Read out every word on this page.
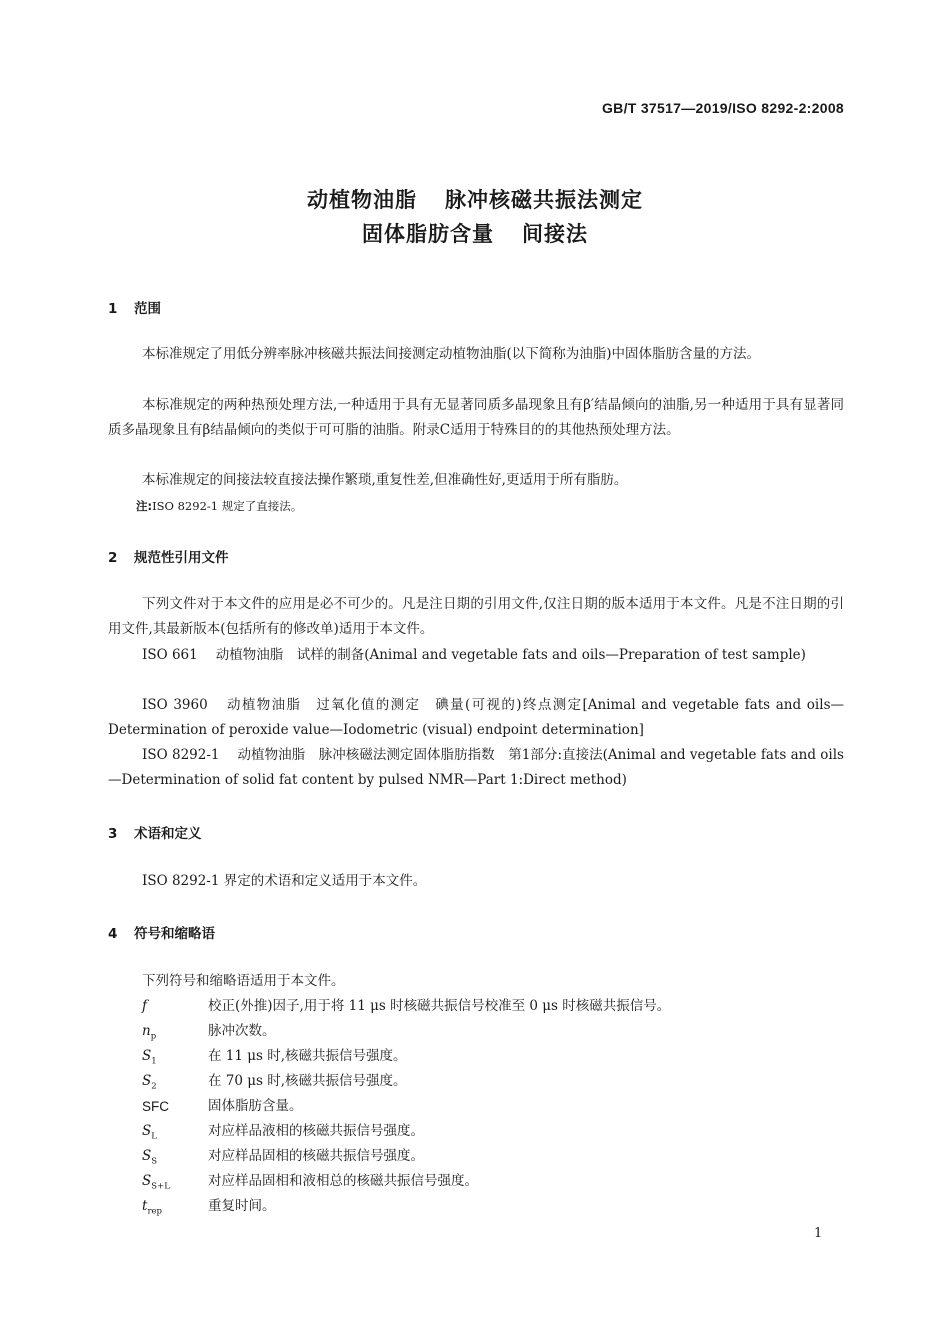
GB/T 37517—2019/ISO 8292-2:2008
动植物油脂 脉冲核磁共振法测定
固体脂肪含量 间接法
1 范围
本标准规定了用低分辨率脉冲核磁共振法间接测定动植物油脂(以下简称为油脂)中固体脂肪含量的方法。
本标准规定的两种热预处理方法,一种适用于具有无显著同质多晶现象且有β′结晶倾向的油脂,另一种适用于具有显著同质多晶现象且有β结晶倾向的类似于可可脂的油脂。附录C适用于特殊目的的其他热预处理方法。
本标准规定的间接法较直接法操作繁琐,重复性差,但准确性好,更适用于所有脂肪。
注:ISO 8292-1 规定了直接法。
2 规范性引用文件
下列文件对于本文件的应用是必不可少的。凡是注日期的引用文件,仅注日期的版本适用于本文件。凡是不注日期的引用文件,其最新版本(包括所有的修改单)适用于本文件。
ISO 661 动植物油脂　试样的制备(Animal and vegetable fats and oils—Preparation of test sample)
ISO 3960 动植物油脂　过氧化值的测定　碘量(可视的)终点测定[Animal and vegetable fats and oils—Determination of peroxide value—Iodometric (visual) endpoint determination]
ISO 8292-1 动植物油脂　脉冲核磁法测定固体脂肪指数　第1部分:直接法(Animal and vegetable fats and oils—Determination of solid fat content by pulsed NMR—Part 1:Direct method)
3 术语和定义
ISO 8292-1 界定的术语和定义适用于本文件。
4 符号和缩略语
下列符号和缩略语适用于本文件。
f	校正(外推)因子,用于将 11 μs 时核磁共振信号校准至 0 μs 时核磁共振信号。
$n_p$	脉冲次数。
$S_1$	在 11 μs 时,核磁共振信号强度。
$S_2$	在 70 μs 时,核磁共振信号强度。
SFC	固体脂肪含量。
$S_L$	对应样品液相的核磁共振信号强度。
$S_S$	对应样品固相的核磁共振信号强度。
$S_{S+L}$	对应样品固相和液相总的核磁共振信号强度。
$t_{rep}$	重复时间。
1
